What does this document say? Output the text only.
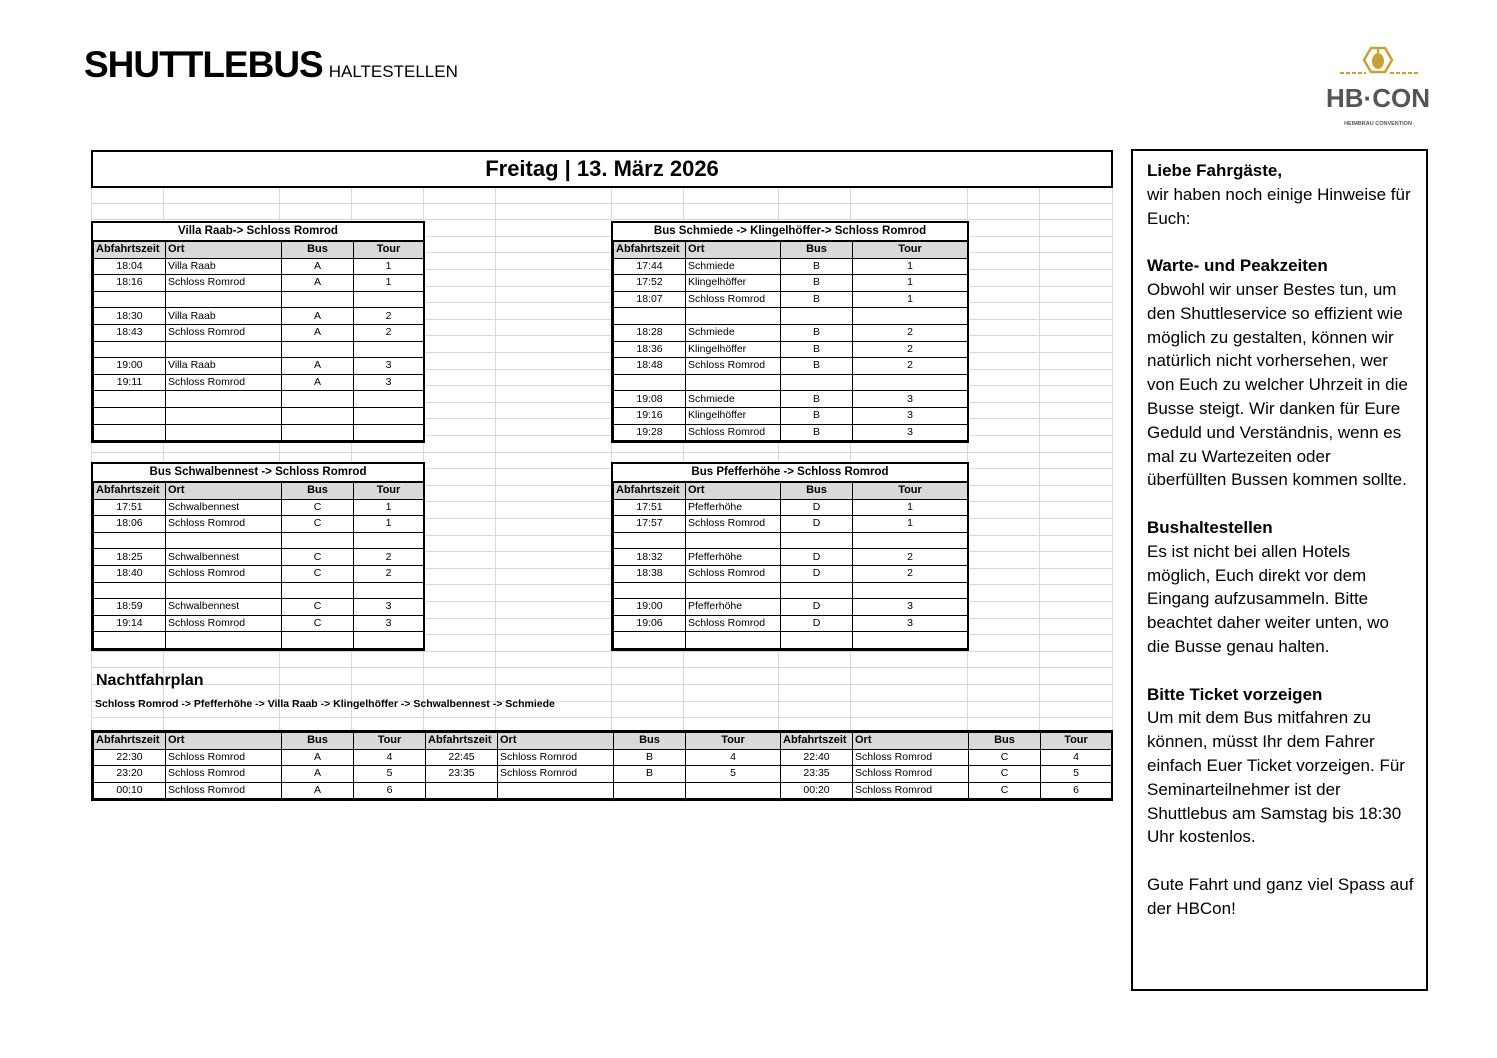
SHUTTLEBUS HALTESTELLEN
HB·CON
HEIMBRAU CONVENTION
Freitag | 13. März 2026
Villa Raab-> Schloss Romrod
Abfahrtszeit	Ort	Bus	Tour
18:04	Villa Raab	A	1
18:16	Schloss Romrod	A	1

18:30	Villa Raab	A	2
18:43	Schloss Romrod	A	2

19:00	Villa Raab	A	3
19:11	Schloss Romrod	A	3

Bus Schmiede -> Klingelhöffer-> Schloss Romrod
Abfahrtszeit	Ort	Bus	Tour
17:44	Schmiede	B	1
17:52	Klingelhöffer	B	1
18:07	Schloss Romrod	B	1

18:28	Schmiede	B	2
18:36	Klingelhöffer	B	2
18:48	Schloss Romrod	B	2

19:08	Schmiede	B	3
19:16	Klingelhöffer	B	3
19:28	Schloss Romrod	B	3
Bus Schwalbennest -> Schloss Romrod
Abfahrtszeit	Ort	Bus	Tour
17:51	Schwalbennest	C	1
18:06	Schloss Romrod	C	1

18:25	Schwalbennest	C	2
18:40	Schloss Romrod	C	2

18:59	Schwalbennest	C	3
19:14	Schloss Romrod	C	3

Bus Pfefferhöhe -> Schloss Romrod
Abfahrtszeit	Ort	Bus	Tour
17:51	Pfefferhöhe	D	1
17:57	Schloss Romrod	D	1

18:32	Pfefferhöhe	D	2
18:38	Schloss Romrod	D	2

19:00	Pfefferhöhe	D	3
19:06	Schloss Romrod	D	3

Nachtfahrplan
Schloss Romrod -> Pfefferhöhe -> Villa Raab -> Klingelhöffer -> Schwalbennest -> Schmiede
Abfahrtszeit	Ort	Bus	Tour	Abfahrtszeit	Ort	Bus	Tour	Abfahrtszeit	Ort	Bus	Tour
22:30	Schloss Romrod	A	4	22:45	Schloss Romrod	B	4	22:40	Schloss Romrod	C	4
23:20	Schloss Romrod	A	5	23:35	Schloss Romrod	B	5	23:35	Schloss Romrod	C	5
00:10	Schloss Romrod	A	6					00:20	Schloss Romrod	C	6

Liebe Fahrgäste,
wir haben noch einige Hinweise für Euch:

Warte- und Peakzeiten
Obwohl wir unser Bestes tun, um den Shuttleservice so effizient wie möglich zu gestalten, können wir natürlich nicht vorhersehen, wer von Euch zu welcher Uhrzeit in die Busse steigt. Wir danken für Eure Geduld und Verständnis, wenn es mal zu Wartezeiten oder überfüllten Bussen kommen sollte.

Bushaltestellen
Es ist nicht bei allen Hotels möglich, Euch direkt vor dem Eingang aufzusammeln. Bitte beachtet daher weiter unten, wo die Busse genau halten.

Bitte Ticket vorzeigen
Um mit dem Bus mitfahren zu können, müsst Ihr dem Fahrer einfach Euer Ticket vorzeigen. Für Seminarteilnehmer ist der Shuttlebus am Samstag bis 18:30 Uhr kostenlos.

Gute Fahrt und ganz viel Spass auf der HBCon!
